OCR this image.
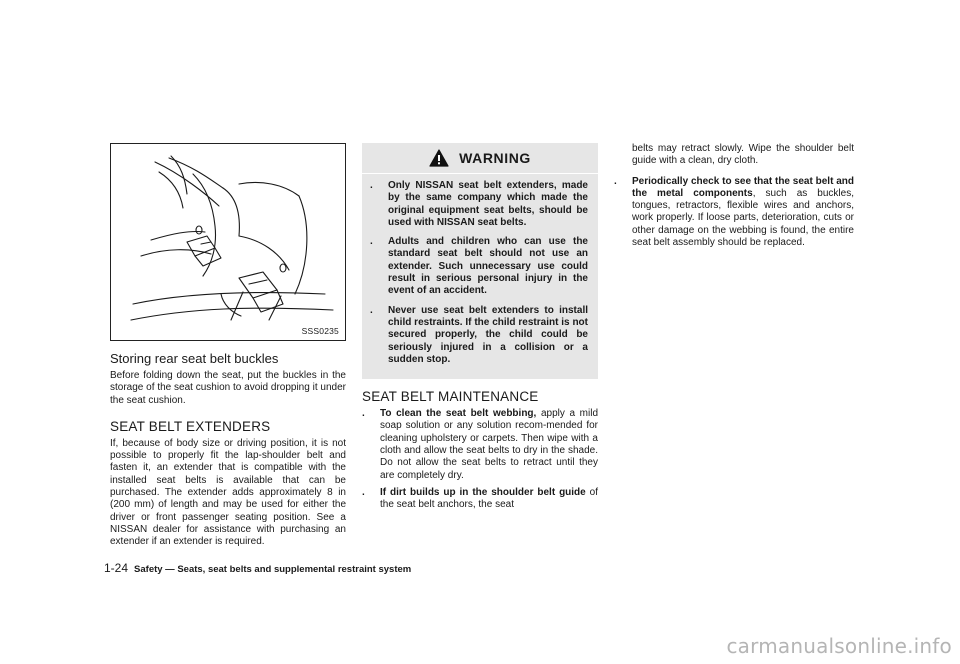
SSS0235
Storing rear seat belt buckles

Before folding down the seat, put the buckles in the storage of the seat cushion to avoid dropping it under the seat cushion.

SEAT BELT EXTENDERS

If, because of body size or driving position, it is not possible to properly fit the lap-shoulder belt and fasten it, an extender that is compatible with the installed seat belts is available that can be purchased. The extender adds approximately 8 in (200 mm) of length and may be used for either the driver or front passenger seating position. See a NISSAN dealer for assistance with purchasing an extender if an extender is required.

WARNING
.	Only NISSAN seat belt extenders, made by the same company which made the original equipment seat belts, should be used with NISSAN seat belts.
.	Adults and children who can use the standard seat belt should not use an extender. Such unnecessary use could result in serious personal injury in the event of an accident.
.	Never use seat belt extenders to install child restraints. If the child restraint is not secured properly, the child could be seriously injured in a collision or a sudden stop.
SEAT BELT MAINTENANCE
.	To clean the seat belt webbing, apply a mild soap solution or any solution recom-mended for cleaning upholstery or carpets. Then wipe with a cloth and allow the seat belts to dry in the shade. Do not allow the seat belts to retract until they are completely dry.
.	If dirt builds up in the shoulder belt guide of the seat belt anchors, the seat
belts may retract slowly. Wipe the shoulder belt guide with a clean, dry cloth.
.	Periodically check to see that the seat belt and the metal components, such as buckles, tongues, retractors, flexible wires and anchors, work properly. If loose parts, deterioration, cuts or other damage on the webbing is found, the entire seat belt assembly should be replaced.
1-24 Safety — Seats, seat belts and supplemental restraint system
carmanualsonline.info
